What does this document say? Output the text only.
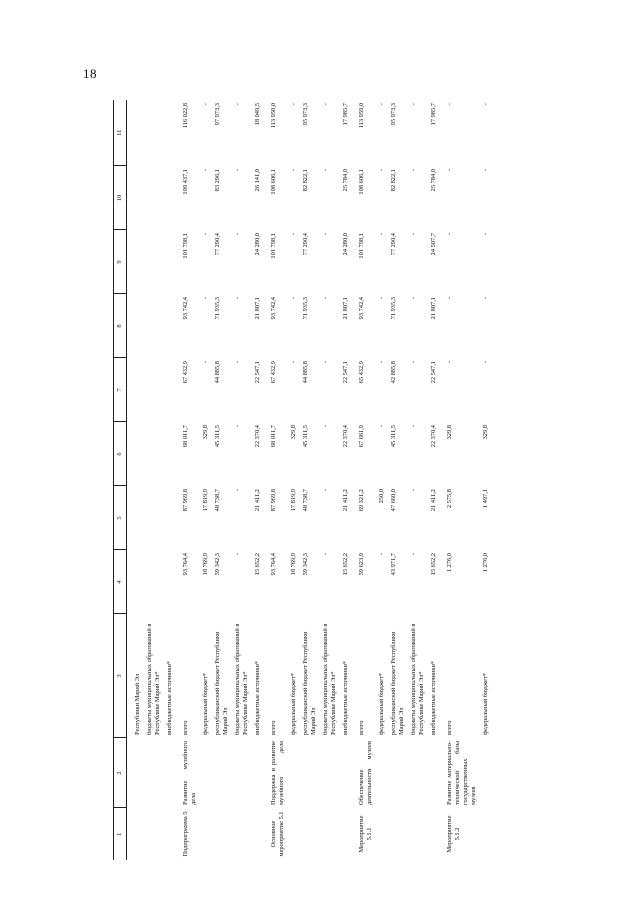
18
1	2	3	4	5	6	7	8	9	10	11
		Республики Марий Эл								
		бюджеты муниципальных образований в Республике Марий Эл*								
		внебюджетные источники*								
Подпрограмма 5	Развитие музейного дела	всего	93 764,4	87 969,8	68 011,7	67 432,9	93 742,4	101 798,1	109 437,1	116 022,8
		федеральный бюджет*	18 769,9	17 819,9	329,8	-	-	-	-	-
		республиканский бюджет Республики Марий Эл	59 342,3	48 738,7	45 311,5	44 885,8	71 935,3	77 290,4	83 296,1	97 973,3
		бюджеты муниципальных образований в Республике Марий Эл*	-	-	-	-	-	-	-	-
		внебюджетные источники*	15 652,2	21 411,2	22 370,4	22 547,1	21 807,1	24 280,0	26 141,0	18 049,5
Основное мероприятие 5.1	Поддержка и развитие музейного дела	всего	93 764,4	87 969,8	68 011,7	67 432,9	93 742,4	101 798,1	108 606,1	113 958,0
		федеральный бюджет*	18 769,9	17 819,9	329,8	-	-	-	-	-
		республиканский бюджет Республики Марий Эл	59 342,3	48 738,7	45 311,5	44 885,8	71 935,3	77 290,4	82 822,1	95 973,3
		бюджеты муниципальных образований в Республике Марий Эл*	-	-	-	-	-	-	-	-
		внебюджетные источники*	15 652,2	21 411,2	22 370,4	22 547,1	21 807,1	24 280,0	25 784,0	17 985,7
Мероприятие 5.1.1	Обеспечение деятельности музеев	всего	59 623,9	69 321,2	67 681,9	65 432,9	93 742,4	101 798,1	108 606,1	113 959,0
		федеральный бюджет*	-	250,0	-	-	-	-	-	-
		республиканский бюджет Республики Марий Эл	43 971,7	47 660,0	45 311,5	42 885,8	71 935,3	77 290,4	82 822,1	95 973,3
		бюджеты муниципальных образований в Республике Марий Эл*	-	-	-	-	-	-	-	-
		внебюджетные источники*	15 652,2	21 411,2	22 370,4	22 547,1	21 807,1	24 507,7	25 784,0	17 985,7
Мероприятие 5.1.2	Развитие материально-технической базы государственных музеев	всего	1 276,0	2 575,8	329,8	-	-	-	-	-
		федеральный бюджет*	1 276,0	1 497,1	329,8	-	-	-	-	-
